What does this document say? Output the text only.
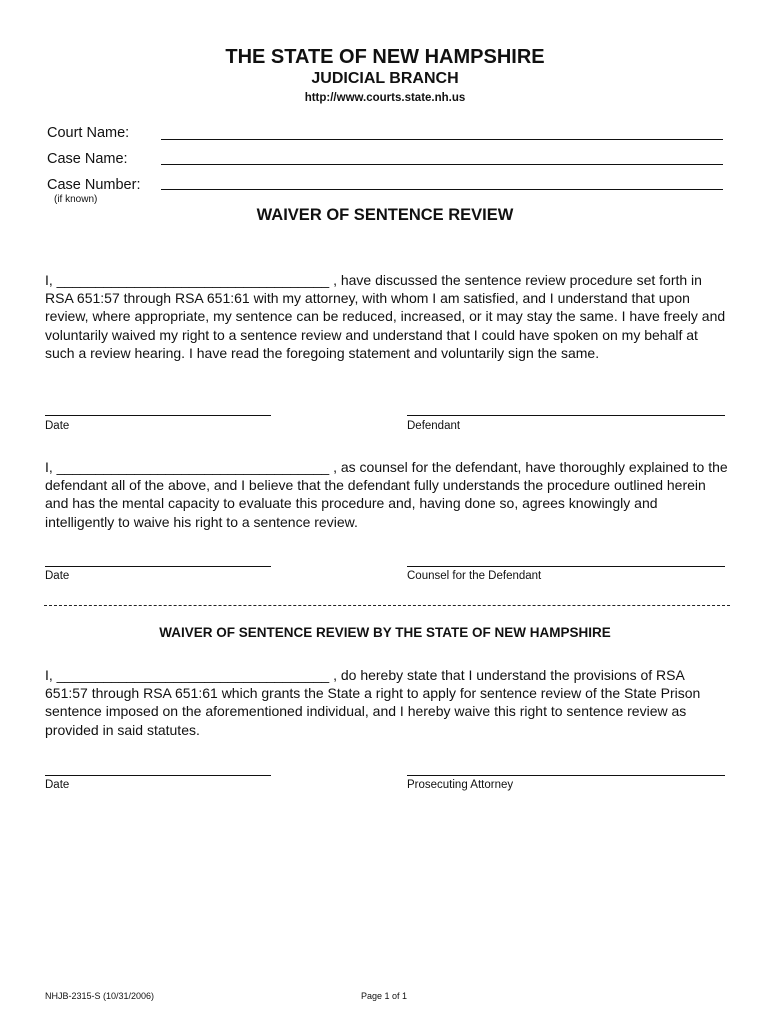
THE STATE OF NEW HAMPSHIRE
JUDICIAL BRANCH
http://www.courts.state.nh.us
Court Name:
Case Name:
Case Number:
(if known)
WAIVER OF SENTENCE REVIEW
I, ___________________________________ , have discussed the sentence review procedure set forth in RSA 651:57 through RSA 651:61 with my attorney, with whom I am satisfied, and I understand that upon review, where appropriate, my sentence can be reduced, increased, or it may stay the same. I have freely and voluntarily waived my right to a sentence review and understand that I could have spoken on my behalf at such a review hearing. I have read the foregoing statement and voluntarily sign the same.
Date	Defendant
I, ___________________________________ , as counsel for the defendant, have thoroughly explained to the defendant all of the above, and I believe that the defendant fully understands the procedure outlined herein and has the mental capacity to evaluate this procedure and, having done so, agrees knowingly and intelligently to waive his right to a sentence review.
Date	Counsel for the Defendant
WAIVER OF SENTENCE REVIEW BY THE STATE OF NEW HAMPSHIRE
I, ___________________________________ , do hereby state that I understand the provisions of RSA 651:57 through RSA 651:61 which grants the State a right to apply for sentence review of the State Prison sentence imposed on the aforementioned individual, and I hereby waive this right to sentence review as provided in said statutes.
Date	Prosecuting Attorney
NHJB-2315-S (10/31/2006)	Page 1 of 1
